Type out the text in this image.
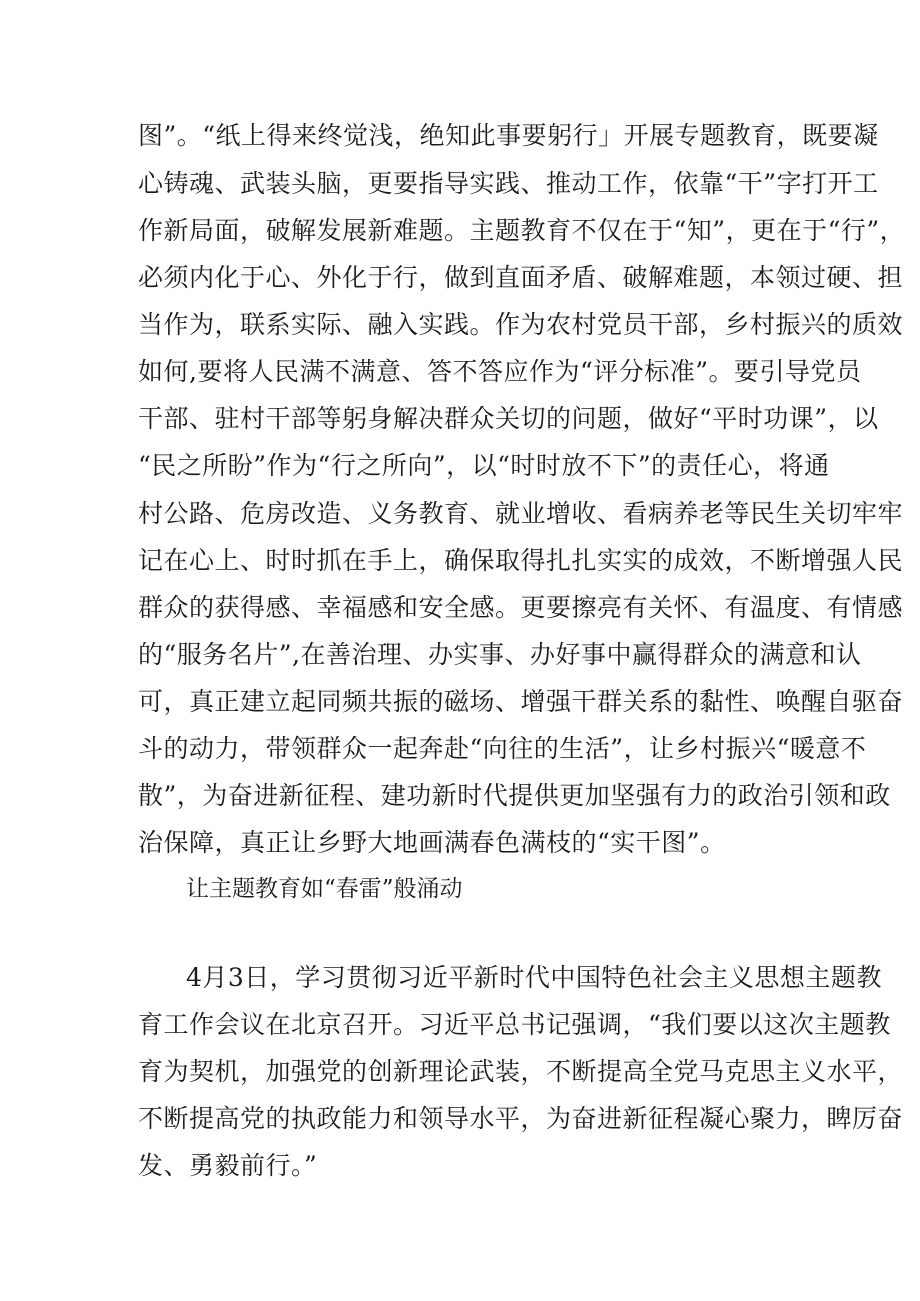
图”。“纸上得来终觉浅，绝知此事要躬行」开展专题教育，既要凝
心铸魂、武装头脑，更要指导实践、推动工作，依靠“干”字打开工
作新局面，破解发展新难题。主题教育不仅在于“知”，更在于“行”，
必须内化于心、外化于行，做到直面矛盾、破解难题，本领过硬、担
当作为，联系实际、融入实践。作为农村党员干部，乡村振兴的质效
如何,要将人民满不满意、答不答应作为“评分标准”。要引导党员
干部、驻村干部等躬身解决群众关切的问题，做好“平时功课”，以
“民之所盼”作为“行之所向”，以“时时放不下”的责任心，将通
村公路、危房改造、义务教育、就业增收、看病养老等民生关切牢牢
记在心上、时时抓在手上，确保取得扎扎实实的成效，不断增强人民
群众的获得感、幸福感和安全感。更要擦亮有关怀、有温度、有情感
的“服务名片”,在善治理、办实事、办好事中赢得群众的满意和认
可，真正建立起同频共振的磁场、增强干群关系的黏性、唤醒自驱奋
斗的动力，带领群众一起奔赴“向往的生活”，让乡村振兴“暖意不
散”，为奋进新征程、建功新时代提供更加坚强有力的政治引领和政
治保障，真正让乡野大地画满春色满枝的“实干图”。
让主题教育如“春雷”般涌动
4月3日，学习贯彻习近平新时代中国特色社会主义思想主题教
育工作会议在北京召开。习近平总书记强调，“我们要以这次主题教
育为契机，加强党的创新理论武装，不断提高全党马克思主义水平，
不断提高党的执政能力和领导水平，为奋进新征程凝心聚力，睥厉奋
发、勇毅前行。”
